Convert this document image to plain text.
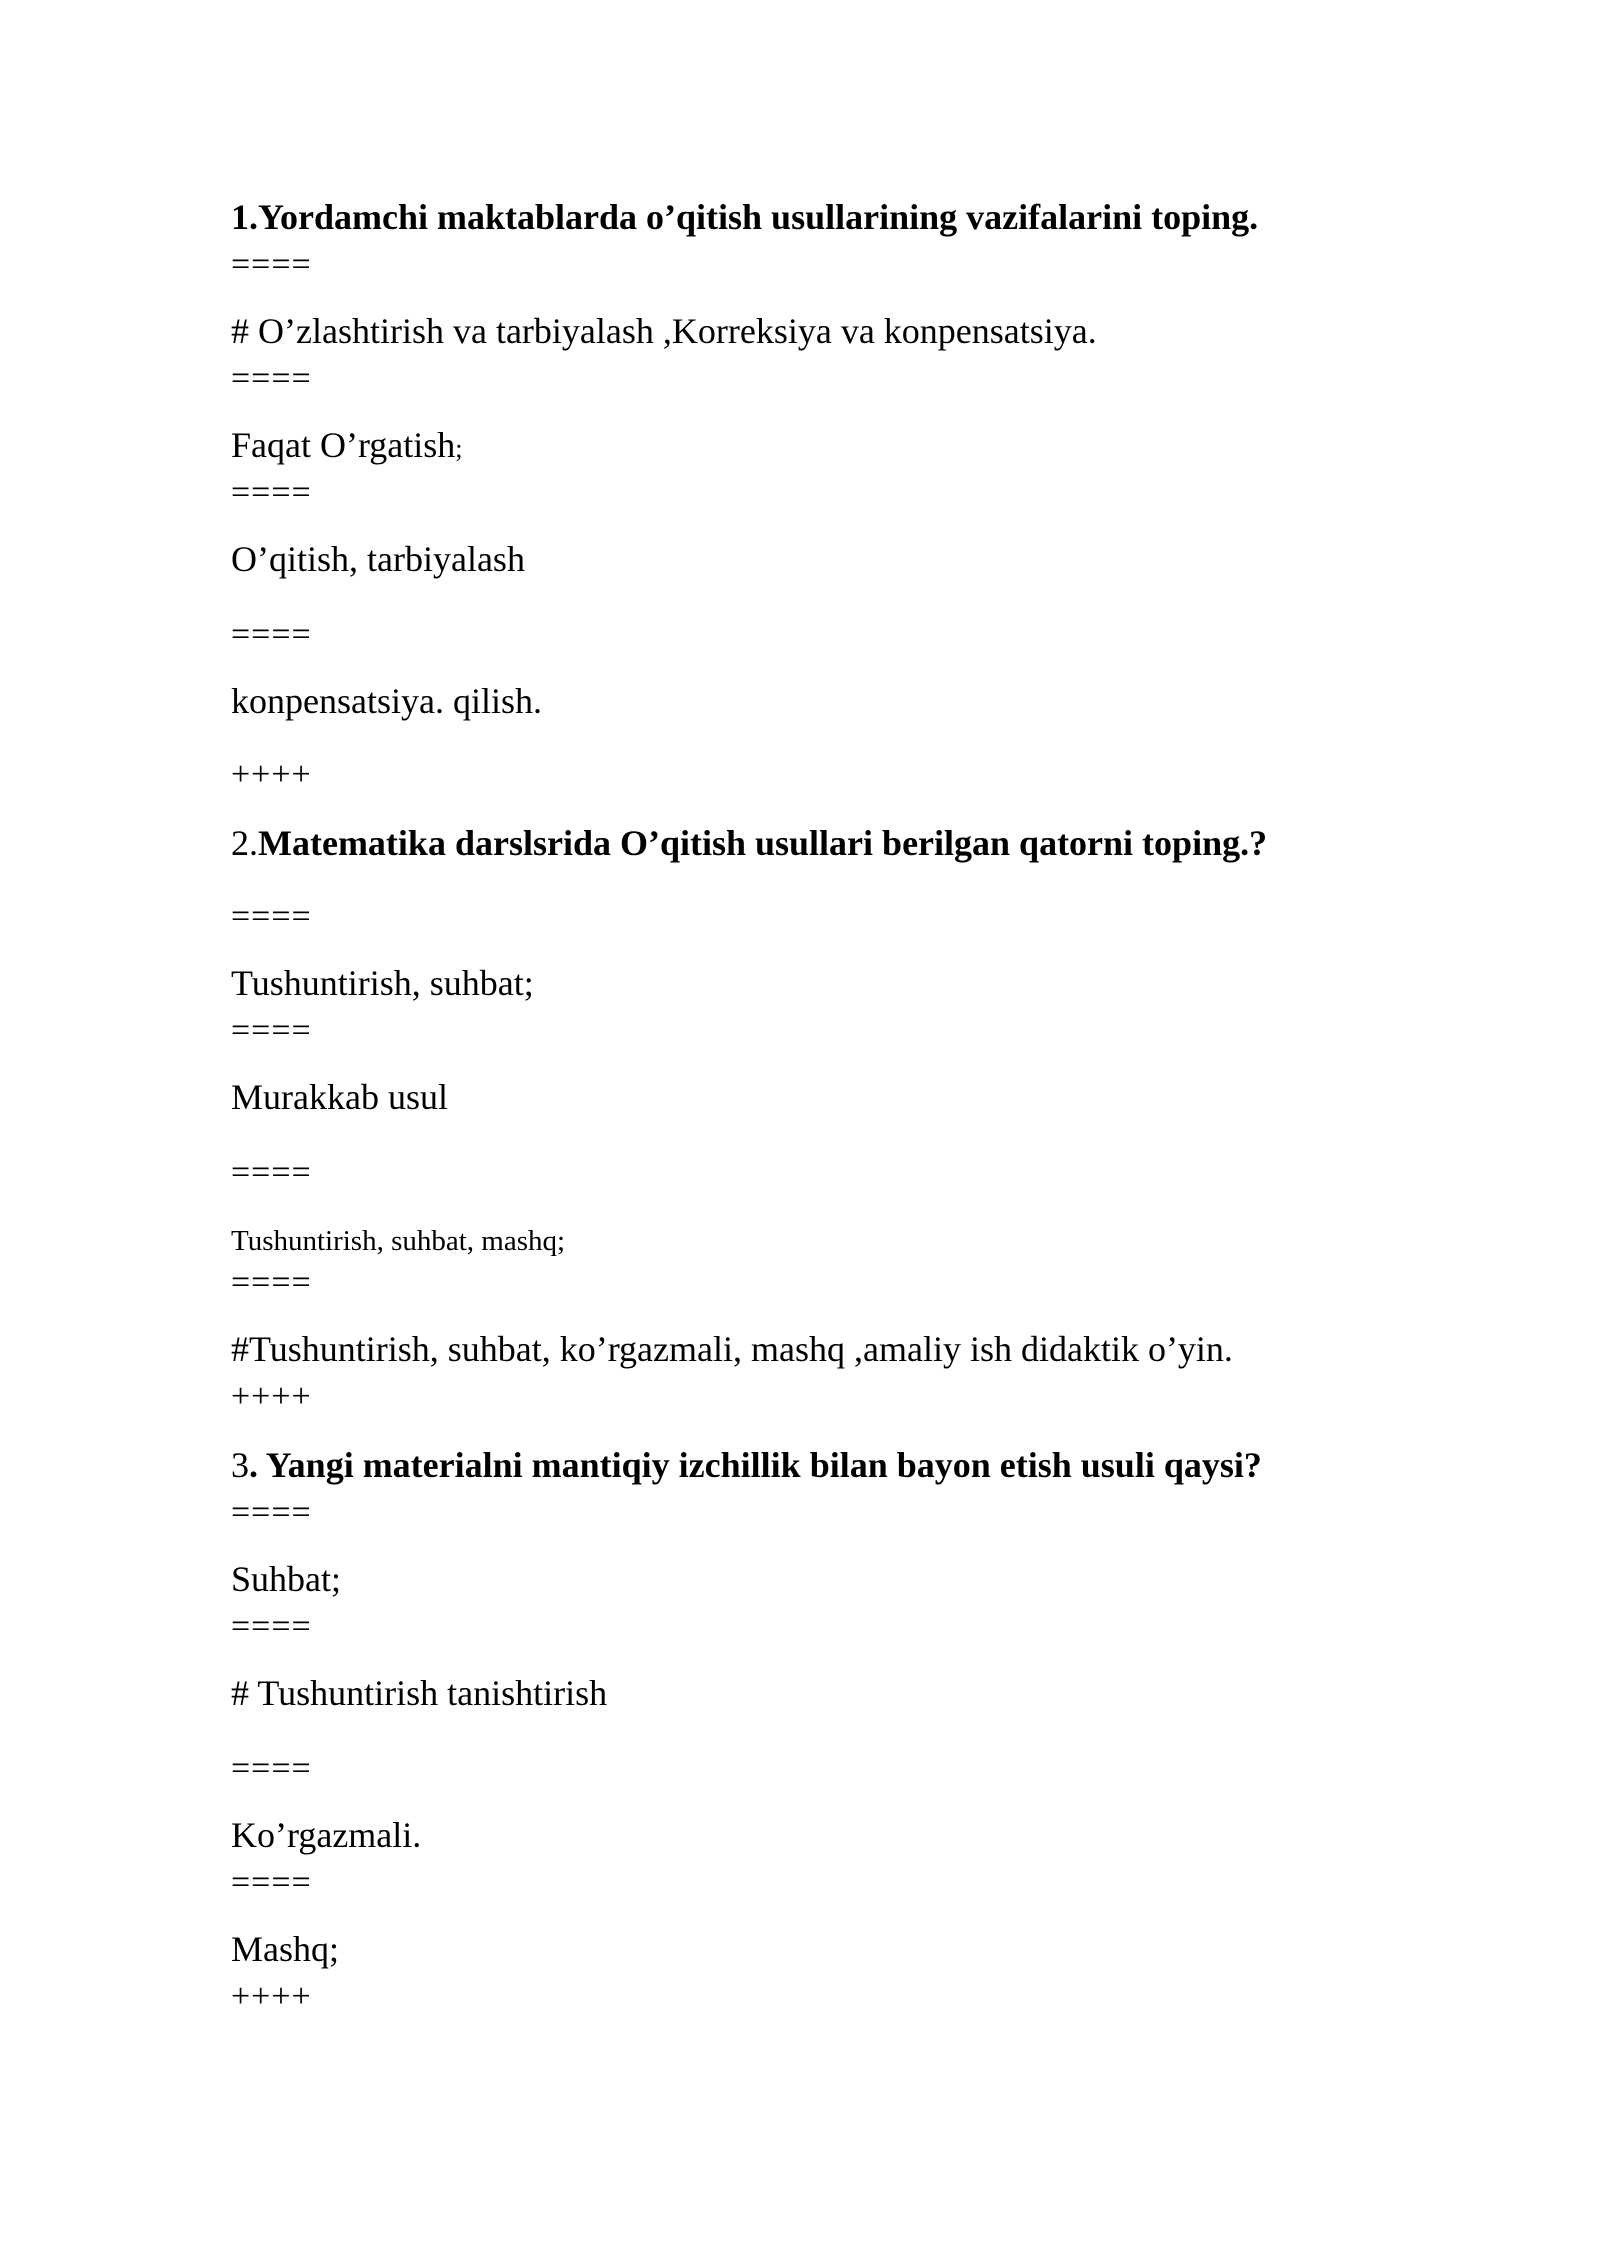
1.Yordamchi maktablarda o’qitish usullarining vazifalarini toping.
====
# O’zlashtirish va tarbiyalash ,Korreksiya va konpensatsiya.
====
Faqat O’rgatish;
====
O’qitish, tarbiyalash
====
konpensatsiya. qilish.
++++
2.Matematika darslsrida O’qitish usullari berilgan qatorni toping.?
====
Tushuntirish, suhbat;
====
Murakkab usul
====
Tushuntirish, suhbat, mashq;
====
#Tushuntirish, suhbat, ko’rgazmali, mashq ,amaliy ish didaktik o’yin.
++++
3. Yangi materialni mantiqiy izchillik bilan bayon etish usuli qaysi?
====
Suhbat;
====
# Tushuntirish tanishtirish
====
Ko’rgazmali.
====
Mashq;
++++
